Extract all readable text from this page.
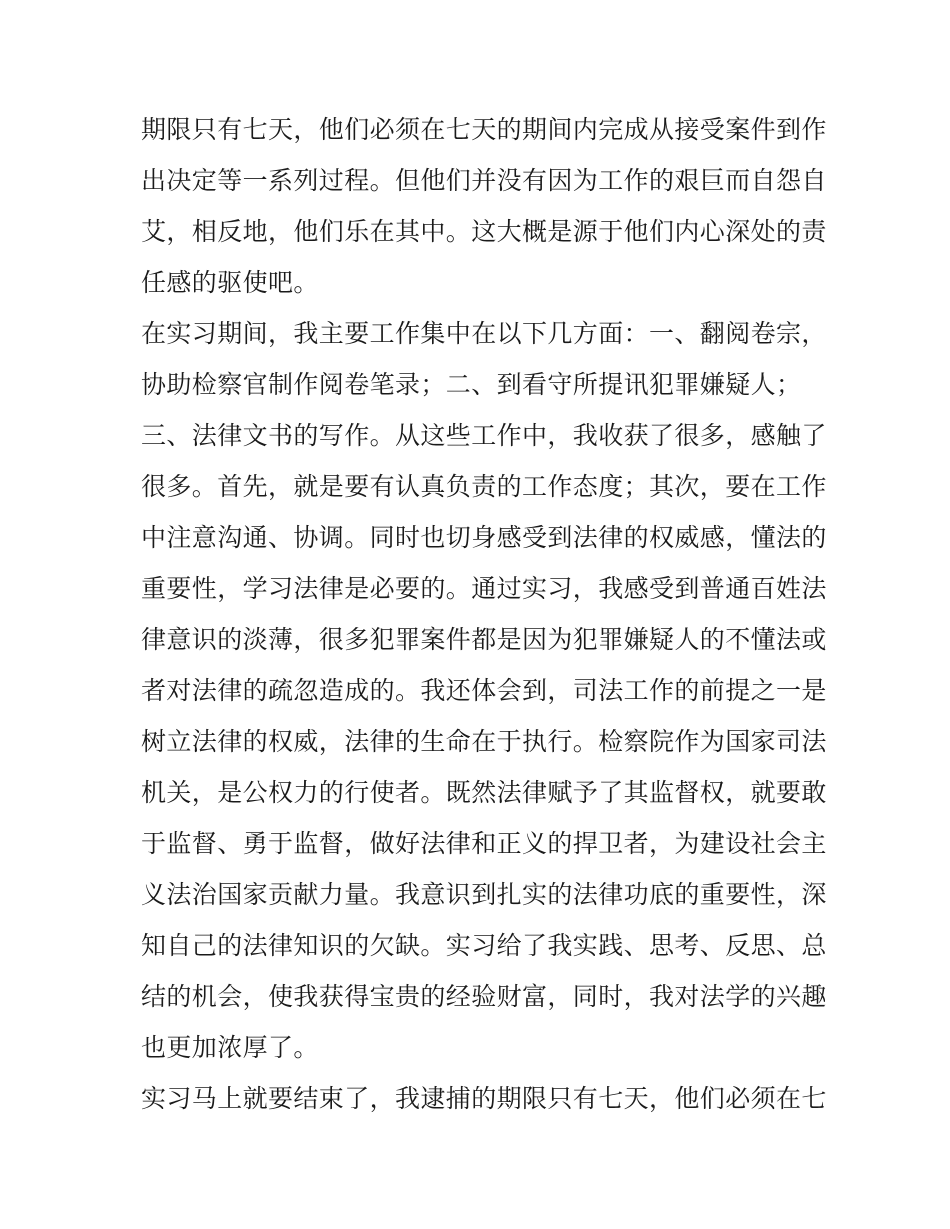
期限只有七天，他们必须在七天的期间内完成从接受案件到作
出决定等一系列过程。但他们并没有因为工作的艰巨而自怨自
艾，相反地，他们乐在其中。这大概是源于他们内心深处的责
任感的驱使吧。
在实习期间，我主要工作集中在以下几方面：一、翻阅卷宗，
协助检察官制作阅卷笔录；二、到看守所提讯犯罪嫌疑人；
三、法律文书的写作。从这些工作中，我收获了很多，感触了
很多。首先，就是要有认真负责的工作态度；其次，要在工作
中注意沟通、协调。同时也切身感受到法律的权威感，懂法的
重要性，学习法律是必要的。通过实习，我感受到普通百姓法
律意识的淡薄，很多犯罪案件都是因为犯罪嫌疑人的不懂法或
者对法律的疏忽造成的。我还体会到，司法工作的前提之一是
树立法律的权威，法律的生命在于执行。检察院作为国家司法
机关，是公权力的行使者。既然法律赋予了其监督权，就要敢
于监督、勇于监督，做好法律和正义的捍卫者，为建设社会主
义法治国家贡献力量。我意识到扎实的法律功底的重要性，深
知自己的法律知识的欠缺。实习给了我实践、思考、反思、总
结的机会，使我获得宝贵的经验财富，同时，我对法学的兴趣
也更加浓厚了。
实习马上就要结束了，我逮捕的期限只有七天，他们必须在七
